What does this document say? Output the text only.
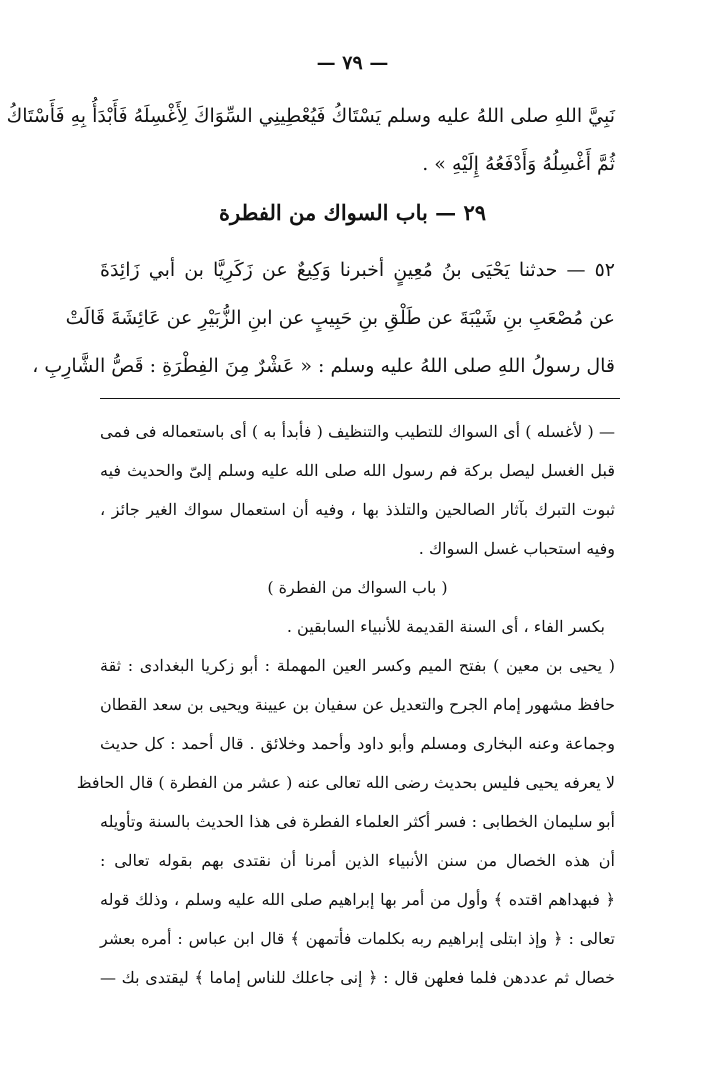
— ٧٩ —
نَبِيَّ اللهِ صلى اللهُ عليه وسلم يَسْتَاكُ فَيُعْطِينِي السِّوَاكَ لِأَغْسِلَهُ فَأَبْدَأُ بِهِ فَأَسْتَاكُ
ثُمَّ أَغْسِلُهُ وَأَدْفَعُهُ إِلَيْهِ » .
٢٩ — باب السواك من الفطرة
٥٢ — حدثنا يَحْيَى بنُ مُعِينٍ أخبرنا وَكِيعٌ عن زَكَرِيَّا بن أبي زَائِدَةَ
عن مُصْعَبِ بنِ شَيْبَةَ عن طَلْقِ بنِ حَبِيبٍ عن ابنِ الزُّبَيْرِ عن عَائِشَةَ قَالَتْ
قال رسولُ اللهِ صلى اللهُ عليه وسلم : « عَشْرٌ مِنَ الفِطْرَةِ : قَصُّ الشَّارِبِ ،
— ( لأغسله ) أى السواك للتطيب والتنظيف ( فأبدأ به ) أى باستعماله فى فمى
قبل الغسل ليصل بركة فم رسول الله صلى الله عليه وسلم إلىّ والحديث فيه
ثبوت التبرك بآثار الصالحين والتلذذ بها ، وفيه أن استعمال سواك الغير جائز ،
وفيه استحباب غسل السواك .
( باب السواك من الفطرة )
بكسر الفاء ، أى السنة القديمة للأنبياء السابقين .
( يحيى بن معين ) بفتح الميم وكسر العين المهملة : أبو زكريا البغدادى : ثقة
حافظ مشهور إمام الجرح والتعديل عن سفيان بن عيينة ويحيى بن سعد القطان
وجماعة وعنه البخارى ومسلم وأبو داود وأحمد وخلائق . قال أحمد : كل حديث
لا يعرفه يحيى فليس بحديث رضى الله تعالى عنه ( عشر من الفطرة ) قال الحافظ
أبو سليمان الخطابى : فسر أكثر العلماء الفطرة فى هذا الحديث بالسنة وتأويله
أن هذه الخصال من سنن الأنبياء الذين أمرنا أن نقتدى بهم بقوله تعالى :
﴿ فبهداهم اقتده ﴾ وأول من أمر بها إبراهيم صلى الله عليه وسلم ، وذلك قوله
تعالى : ﴿ وإذ ابتلى إبراهيم ربه بكلمات فأتمهن ﴾ قال ابن عباس : أمره بعشر
خصال ثم عددهن فلما فعلهن قال : ﴿ إنى جاعلك للناس إماما ﴾ ليقتدى بك —
